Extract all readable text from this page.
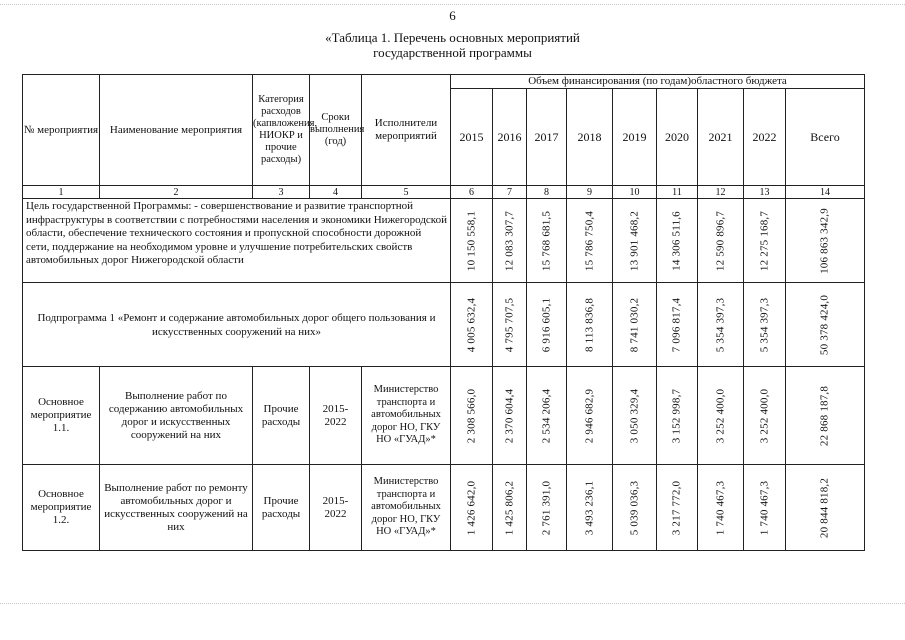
6
«Таблица 1. Перечень основных мероприятий
государственной программы
№ мероприятия	Наименование мероприятия	Категория расходов (капвложения, НИОКР и прочие расходы)	Сроки выполнения (год)	Исполнители мероприятий	Объем финансирования (по годам)областного бюджета								
					2015	2016	2017	2018	2019	2020	2021	2022	Всего
1	2	3	4	5	6	7	8	9	10	11	12	13	14
Цель государственной Программы: - совершенствование и развитие транспортной инфраструктуры в соответствии с потребностями населения и экономики Нижегородской области, обеспечение технического состояния и пропускной способности дорожной сети, поддержание на необходимом уровне и улучшение потребительских свойств автомобильных дорог Нижегородской области					10 150 558,1	12 083 307,7	15 768 681,5	15 786 750,4	13 901 468,2	14 306 511,6	12 590 896,7	12 275 168,7	106 863 342,9

Подпрограмма 1 «Ремонт и содержание автомобильных дорог общего пользования и искусственных сооружений на них»					4 005 632,4	4 795 707,5	6 916 605,1	8 113 836,8	8 741 030,2	7 096 817,4	5 354 397,3	5 354 397,3	50 378 424,0

Основное мероприятие 1.1.	Выполнение работ по содержанию автомобильных дорог и искусственных сооружений на них	Прочие расходы	2015-2022	Министерство транспорта и автомобильных дорог НО, ГКУ НО «ГУАД»*	2 308 566,0	2 370 604,4	2 534 206,4	2 946 682,9	3 050 329,4	3 152 998,7	3 252 400,0	3 252 400,0	22 868 187,8

Основное мероприятие 1.2.	Выполнение работ по ремонту автомобильных дорог и искусственных сооружений на них	Прочие расходы	2015-2022	Министерство транспорта и автомобильных дорог НО, ГКУ НО «ГУАД»*	1 426 642,0	1 425 806,2	2 761 391,0	3 493 236,1	5 039 036,3	3 217 772,0	1 740 467,3	1 740 467,3	20 844 818,2
